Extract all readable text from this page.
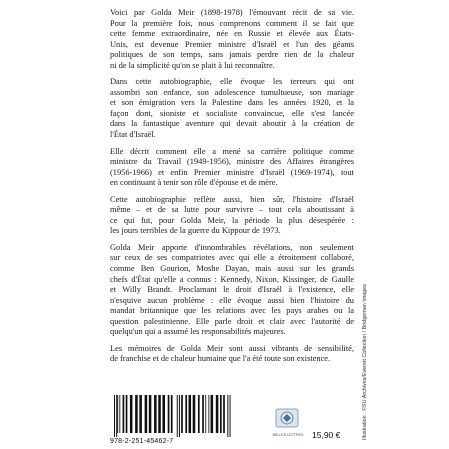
Voici par Golda Meir (1898-1978) l'émouvant récit de sa vie.
Pour la première fois, nous comprenons comment il se fait que
cette femme extraordinaire, née en Russie et élevée aux États-
Unis, est devenue Premier ministre d'Israël et l'un des géants
politiques de son temps, sans jamais perdre rien de la chaleur
ni de la simplicité qu'on se plait à lui reconnaître.

Dans cette autobiographie, elle évoque les terreurs qui ont
assombri son enfance, son adolescence tumultueuse, son mariage
et son émigration vers la Palestine dans les années 1920, et la
façon dont, sioniste et socialiste convaincue, elle s'est lancée
dans la fantastique aventure qui devait aboutir à la création de
l'État d'Israël.

Elle décrit comment elle a mené sa carrière politique comme
ministre du Travail (1949-1956), ministre des Affaires étrangères
(1956-1966) et enfin Premier ministre d'Israël (1969-1974), tout
en continuant à tenir son rôle d'épouse et de mère.

Cette autobiographie reflète aussi, bien sûr, l'histoire d'Israël
même – et de sa lutte pour survivre – tout cela aboutissant à
ce qui fut, pour Golda Meir, la période la plus désespérée :
les jours terribles de la guerre du Kippour de 1973.

Golda Meir apporte d'innombrables révélations, non seulement
sur ceux de ses compatriotes avec qui elle a étroitement collaboré,
comme Ben Gourion, Moshe Dayan, mais aussi sur les grands
chefs d'État qu'elle a connus : Kennedy, Nixon, Kissinger, de Gaulle
et Willy Brandt. Proclamant le droit d'Israël à l'existence, elle
n'esquive aucun problème : elle évoque aussi bien l'histoire du
mandat britannique que les relations avec les pays arabes ou la
question palestinienne. Elle parle droit et clair avec l'autorité de
quelqu'un qui a assumé les responsabilités majeures.

Les mémoires de Golda Meir sont aussi vibrants de sensibilité,
de franchise et de chaleur humaine que l'a été toute son existence.	Illustration : ©SU Archives/Everett Collection / Bridgeman Images
978-2-251-45462-7
BELLES LETTRES	15,90 €
